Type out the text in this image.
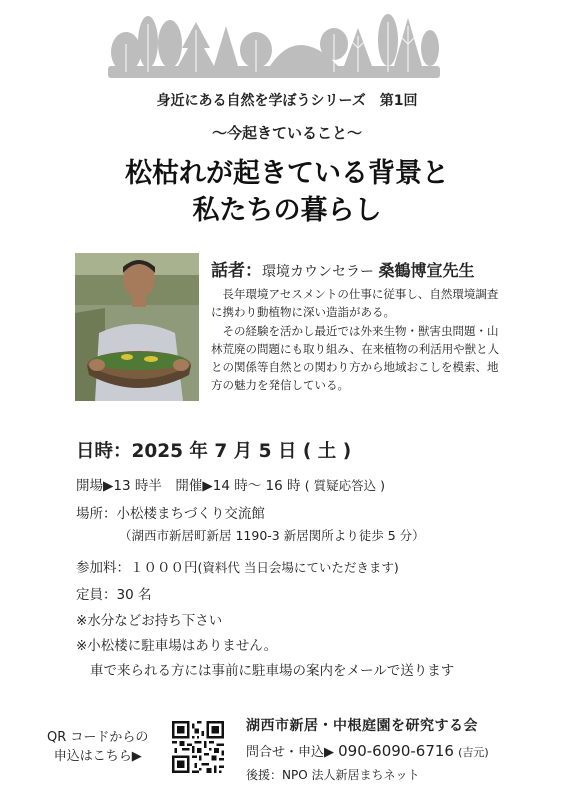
身近にある自然を学ぼうシリーズ　第1回
〜今起きていること〜
松枯れが起きている背景と
私たちの暮らし
話者：環境カウンセラー 桑鶴博宣先生

長年環境アセスメントの仕事に従事し、自然環境調査に携わり動植物に深い造詣がある。

その経験を活かし最近では外来生物・獣害虫問題・山林荒廃の問題にも取り組み、在来植物の利活用や獣と人との関係等自然との関わり方から地域おこしを模索、地方の魅力を発信している。

日時：2025 年 7 月 5 日 ( 土 )
開場▶13 時半　開催▶14 時〜 16 時 ( 質疑応答込 )
場所：小松楼まちづくり交流館
（湖西市新居町新居 1190-3 新居関所より徒歩 5 分）
参加料：１０００円(資料代 当日会場にていただきます)
定員：30 名
※水分などお持ち下さい
※小松楼に駐車場はありません。
車で来られる方には事前に駐車場の案内をメールで送ります
QR コードからの
申込はこちら▶
湖西市新居・中根庭園を研究する会
問合せ・申込▶ 090-6090-6716 (吉元)
後援：NPO 法人新居まちネット
